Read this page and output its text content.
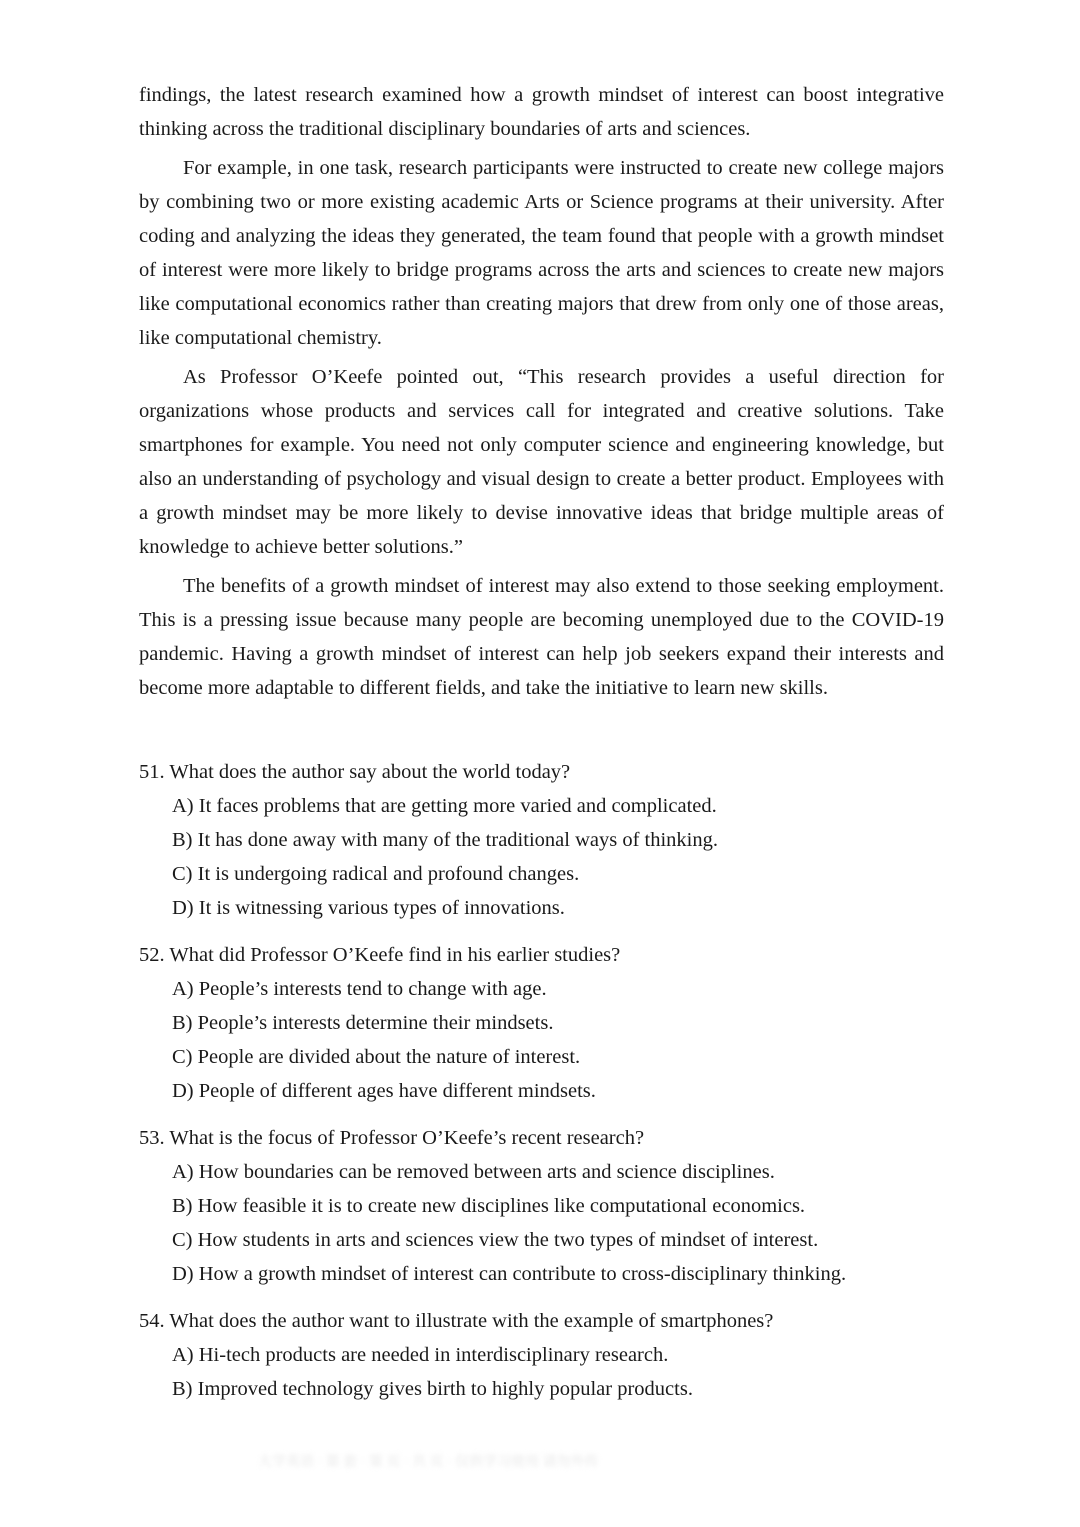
findings, the latest research examined how a growth mindset of interest can boost integrative thinking across the traditional disciplinary boundaries of arts and sciences.

For example, in one task, research participants were instructed to create new college majors by combining two or more existing academic Arts or Science programs at their university. After coding and analyzing the ideas they generated, the team found that people with a growth mindset of interest were more likely to bridge programs across the arts and sciences to create new majors like computational economics rather than creating majors that drew from only one of those areas, like computational chemistry.

As Professor O’Keefe pointed out, “This research provides a useful direction for organizations whose products and services call for integrated and creative solutions. Take smartphones for example. You need not only computer science and engineering knowledge, but also an understanding of psychology and visual design to create a better product. Employees with a growth mindset may be more likely to devise innovative ideas that bridge multiple areas of knowledge to achieve better solutions.”

The benefits of a growth mindset of interest may also extend to those seeking employment. This is a pressing issue because many people are becoming unemployed due to the COVID-19 pandemic. Having a growth mindset of interest can help job seekers expand their interests and become more adaptable to different fields, and take the initiative to learn new skills.

51. What does the author say about the world today?

A) It faces problems that are getting more varied and complicated.

B) It has done away with many of the traditional ways of thinking.

C) It is undergoing radical and profound changes.

D) It is witnessing various types of innovations.

52. What did Professor O’Keefe find in his earlier studies?

A) People’s interests tend to change with age.

B) People’s interests determine their mindsets.

C) People are divided about the nature of interest.

D) People of different ages have different mindsets.

53. What is the focus of Professor O’Keefe’s recent research?

A) How boundaries can be removed between arts and science disciplines.

B) How feasible it is to create new disciplines like computational economics.

C) How students in arts and sciences view the two types of mindset of interest.

D) How a growth mindset of interest can contribute to cross-disciplinary thinking.

54. What does the author want to illustrate with the example of smartphones?

A) Hi-tech products are needed in interdisciplinary research.

B) Improved technology gives birth to highly popular products.

大学英语 · 第 套 · 第 页 · 共 页 · 仅供学习使用 请勿外传
